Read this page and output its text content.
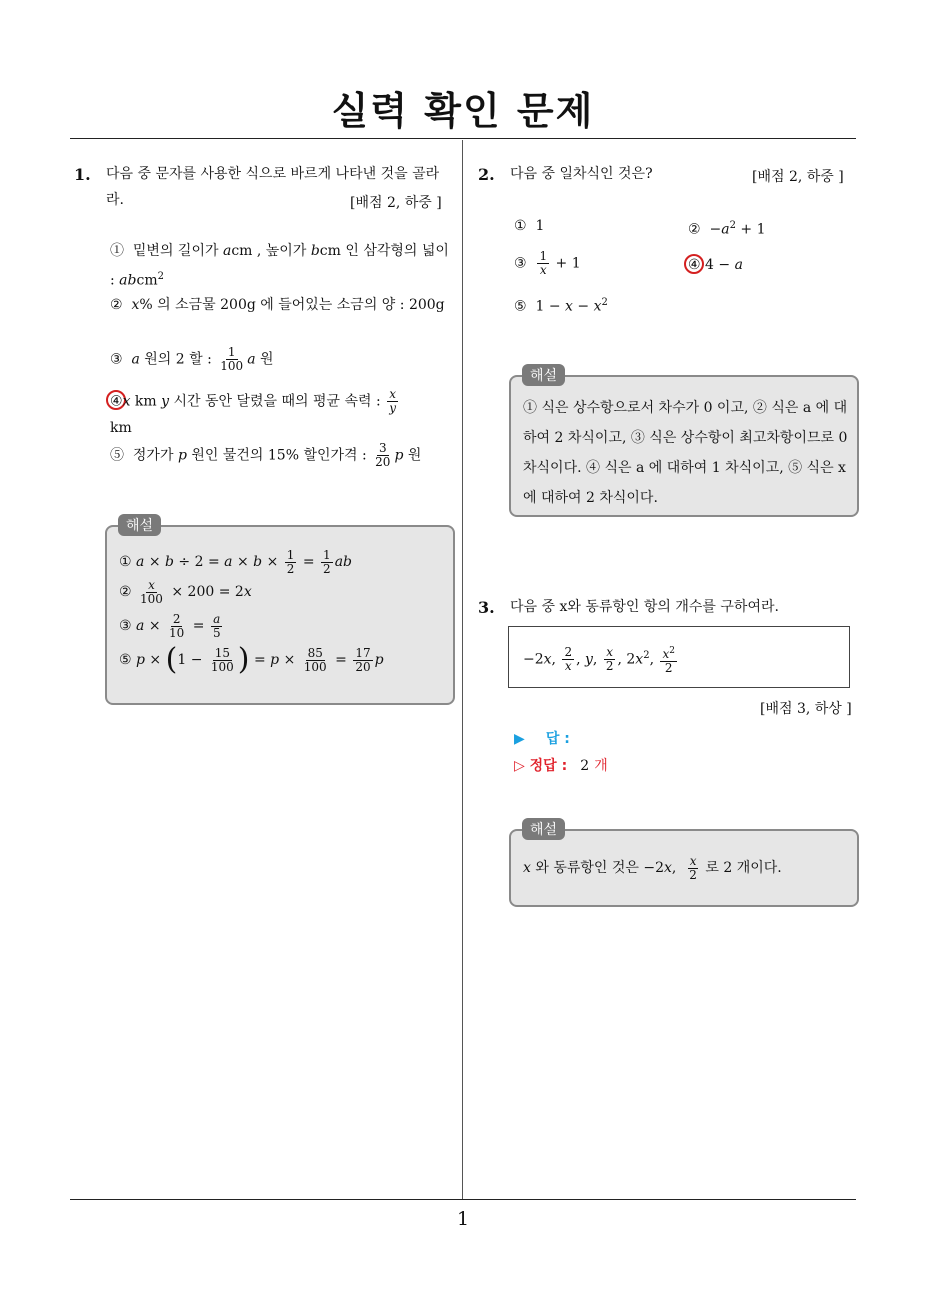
실력 확인 문제
1. 다음 중 문자를 사용한 식으로 바르게 나타낸 것을 골라라.	[배점 2, 하중 ]
①  밑변의 길이가 acm , 높이가 bcm 인 삼각형의 넓이 : abcm$^2$
② x% 의 소금물 200g 에 들어있는 소금의 양 : 200g
③ a 원의 2 할 : $\frac{1}{100}$ a 원
④x km y 시간 동안 달렸을 때의 평균 속력 : $\frac{x}{y}$

km
⑤  정가가 p 원인 물건의 15% 할인가격 : $\frac{3}{20}$ p 원
① $a \times b \div 2 = a \times b \times \frac{1}{2} = \frac{1}{2}$ ab
② $\frac{x}{100} \times 200 = 2x$
③ $a \times \frac{2}{10} = \frac{a}{5}$
⑤ $p \times (1 - \frac{15}{100}$ ) = $p \times \frac{85}{100} = \frac{17}{20}$ p
해설
2. 다음 중 일차식인 것은?	[배점 2, 하중 ]
①  1	②  $-a^2 + 1$
③ $\frac{1}{x} + 1$	④ 4 − a
⑤  $1 - x - x^2$
① 식은 상수항으로서 차수가 0 이고, ② 식은 a 에 대하여 2 차식이고, ③ 식은 상수항이 최고차항이므로 0 차식이다. ④ 식은 a 에 대하여 1 차식이고, ⑤ 식은 x 에 대하여 2 차식이다.
해설
3. 다음 중 x와 동류항인 항의 개수를 구하여라.
−2x, $\frac{2}{x}$ , y, $\frac{x}{2}$ , $2x^2$, $\frac{x^2}{2}$
[배점 3, 하상 ]
▶ 답 :
▷ 정답 : 2 개
x 와 동류항인 것은 −2x, $\frac{x}{2}$ 로 2 개이다.
해설
1
